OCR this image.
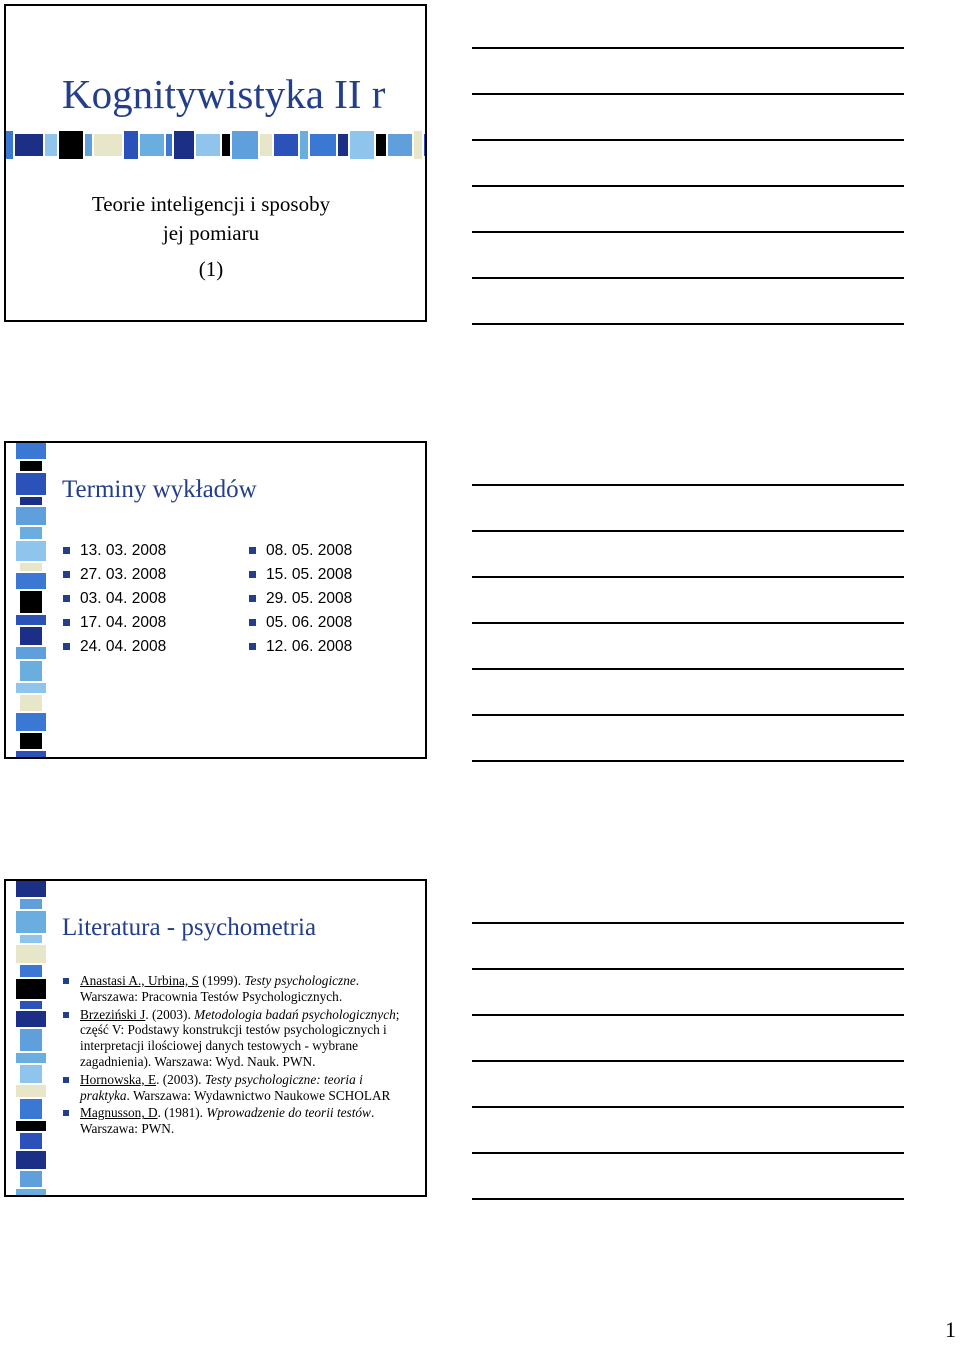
Kognitywistyka II r
Teorie inteligencji i sposoby
jej pomiaru
(1)
Terminy wykładów
13. 03. 2008
27. 03. 2008
03. 04. 2008
17. 04. 2008
24. 04. 2008
08. 05. 2008
15. 05. 2008
29. 05. 2008
05. 06. 2008
12. 06. 2008
Literatura - psychometria
Anastasi A., Urbina, S (1999). Testy psychologiczne. Warszawa: Pracownia Testów Psychologicznych.
Brzeziński J. (2003). Metodologia badań psychologicznych; część V: Podstawy konstrukcji testów psychologicznych i interpretacji ilościowej danych testowych - wybrane zagadnienia). Warszawa: Wyd. Nauk. PWN.
Hornowska, E. (2003). Testy psychologiczne: teoria i praktyka. Warszawa: Wydawnictwo Naukowe SCHOLAR
Magnusson, D. (1981). Wprowadzenie do teorii testów. Warszawa: PWN.
1
